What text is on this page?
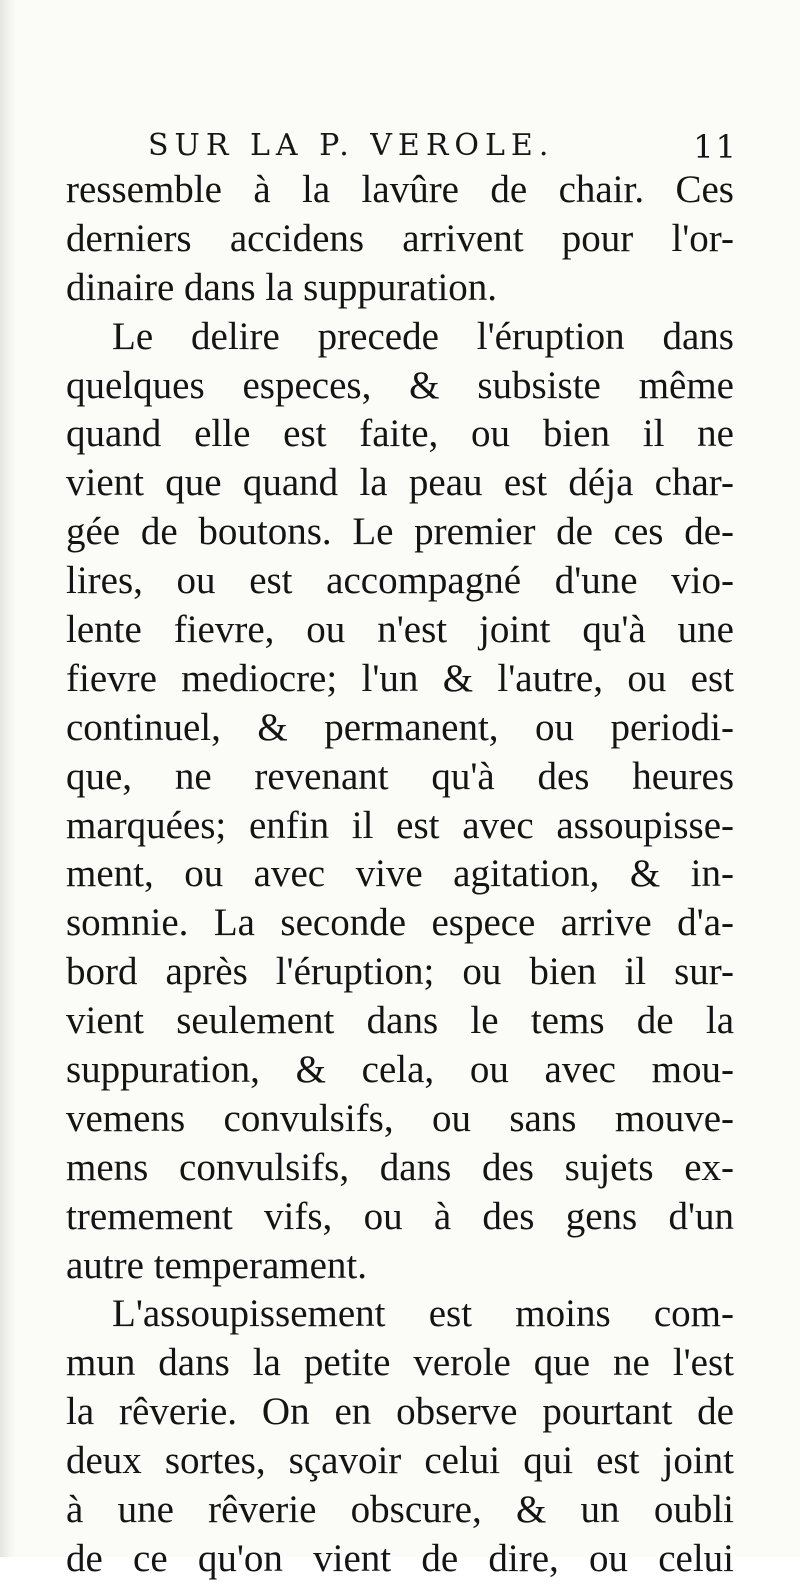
SUR LA P. VEROLE.	11
ressemble à la lavûre de chair. Ces
derniers accidens arrivent pour l'or-
dinaire dans la suppuration.
Le delire precede l'éruption dans
quelques especes, & subsiste même
quand elle est faite, ou bien il ne
vient que quand la peau est déja char-
gée de boutons. Le premier de ces de-
lires, ou est accompagné d'une vio-
lente fievre, ou n'est joint qu'à une
fievre mediocre; l'un & l'autre, ou est
continuel, & permanent, ou periodi-
que, ne revenant qu'à des heures
marquées; enfin il est avec assoupisse-
ment, ou avec vive agitation, & in-
somnie. La seconde espece arrive d'a-
bord après l'éruption; ou bien il sur-
vient seulement dans le tems de la
suppuration, & cela, ou avec mou-
vemens convulsifs, ou sans mouve-
mens convulsifs, dans des sujets ex-
tremement vifs, ou à des gens d'un
autre temperament.
L'assoupissement est moins com-
mun dans la petite verole que ne l'est
la rêverie. On en observe pourtant de
deux sortes, sçavoir celui qui est joint
à une rêverie obscure, & un oubli
de ce qu'on vient de dire, ou celui
